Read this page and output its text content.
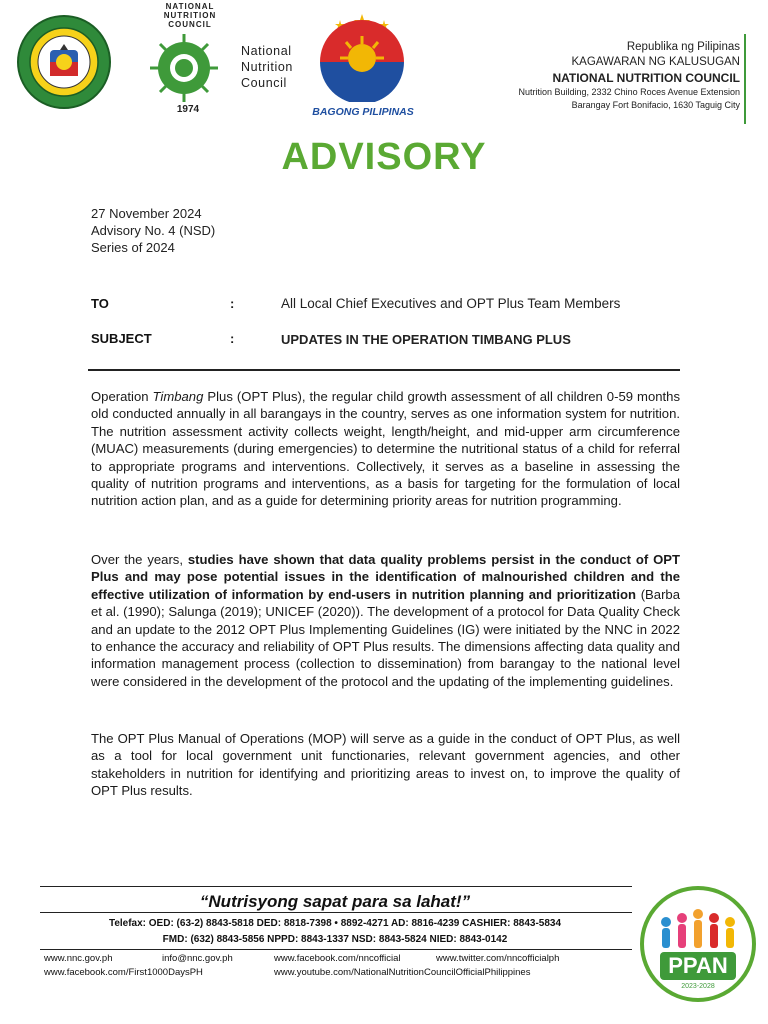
NATIONAL NUTRITION COUNCIL
1974
National
Nutrition
Council
BAGONG PILIPINAS
Republika ng Pilipinas
KAGAWARAN NG KALUSUGAN
NATIONAL NUTRITION COUNCIL
Nutrition Building, 2332 Chino Roces Avenue Extension
Barangay Fort Bonifacio, 1630 Taguig City
ADVISORY
27 November 2024
Advisory No. 4 (NSD)
Series of 2024
TO	:	All Local Chief Executives and OPT Plus Team Members
SUBJECT	:	UPDATES IN THE OPERATION TIMBANG PLUS
Operation Timbang Plus (OPT Plus), the regular child growth assessment of all children 0-59 months old conducted annually in all barangays in the country, serves as one information system for nutrition. The nutrition assessment activity collects weight, length/height, and mid-upper arm circumference (MUAC) measurements (during emergencies) to determine the nutritional status of a child for referral to appropriate programs and interventions. Collectively, it serves as a baseline in assessing the quality of nutrition programs and interventions, as a basis for targeting for the formulation of local nutrition action plan, and as a guide for determining priority areas for nutrition programming.
Over the years, studies have shown that data quality problems persist in the conduct of OPT Plus and may pose potential issues in the identification of malnourished children and the effective utilization of information by end-users in nutrition planning and prioritization (Barba et al. (1990); Salunga (2019); UNICEF (2020)). The development of a protocol for Data Quality Check and an update to the 2012 OPT Plus Implementing Guidelines (IG) were initiated by the NNC in 2022 to enhance the accuracy and reliability of OPT Plus results. The dimensions affecting data quality and information management process (collection to dissemination) from barangay to the national level were considered in the development of the protocol and the updating of the implementing guidelines.
The OPT Plus Manual of Operations (MOP) will serve as a guide in the conduct of OPT Plus, as well as a tool for local government unit functionaries, relevant government agencies, and other stakeholders in nutrition for identifying and prioritizing areas to invest on, to improve the quality of OPT Plus results.
“Nutrisyong sapat para sa lahat!”
Telefax: OED: (63-2) 8843-5818 DED: 8818-7398 • 8892-4271 AD: 8816-4239 CASHIER: 8843-5834
FMD: (632) 8843-5856 NPPD: 8843-1337 NSD: 8843-5824 NIED: 8843-0142
www.nnc.gov.ph	info@nnc.gov.ph	www.facebook.com/nncofficial	www.twitter.com/nncofficialph
www.facebook.com/First1000DaysPH	www.youtube.com/NationalNutritionCouncilOfficialPhilippines	PPAN
2023-2028
